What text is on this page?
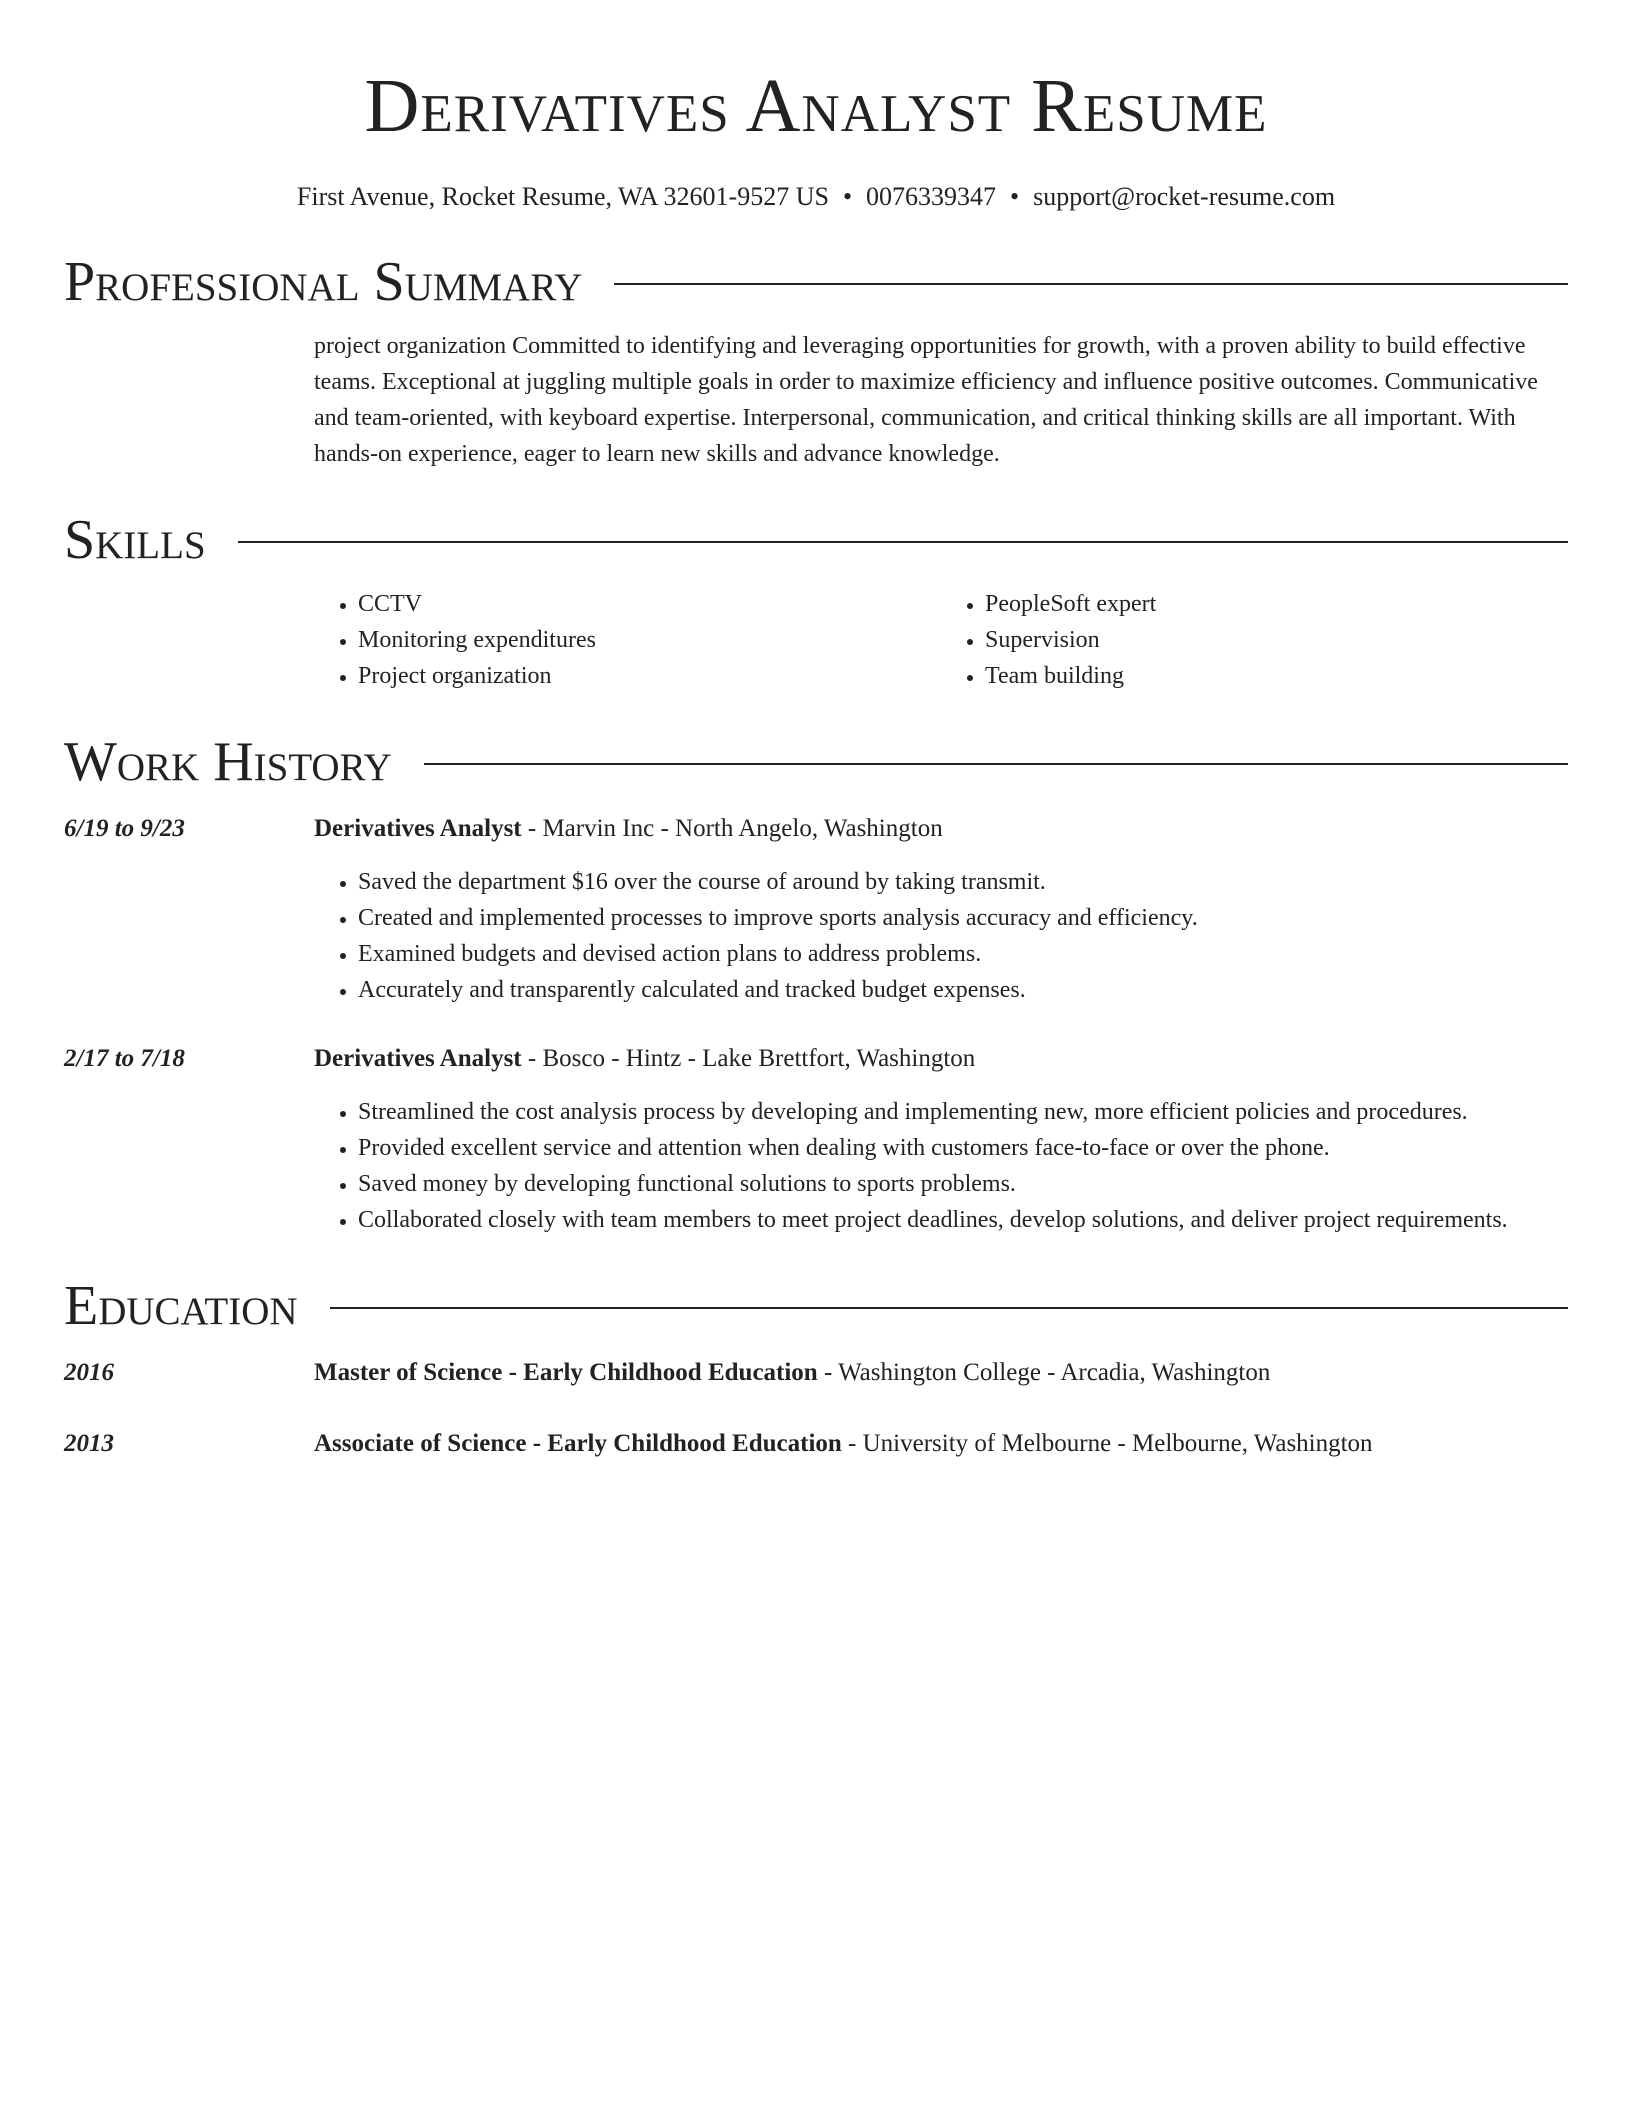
Derivatives Analyst Resume
First Avenue, Rocket Resume, WA 32601-9527 US • 0076339347 • support@rocket-resume.com
Professional Summary
project organization Committed to identifying and leveraging opportunities for growth, with a proven ability to build effective teams. Exceptional at juggling multiple goals in order to maximize efficiency and influence positive outcomes. Communicative and team-oriented, with keyboard expertise. Interpersonal, communication, and critical thinking skills are all important. With hands-on experience, eager to learn new skills and advance knowledge.
Skills
• CCTV
• Monitoring expenditures
• Project organization
• PeopleSoft expert
• Supervision
• Team building
Work History
6/19 to 9/23	Derivatives Analyst - Marvin Inc - North Angelo, Washington
• Saved the department $16 over the course of around by taking transmit.
• Created and implemented processes to improve sports analysis accuracy and efficiency.
• Examined budgets and devised action plans to address problems.
• Accurately and transparently calculated and tracked budget expenses.
2/17 to 7/18	Derivatives Analyst - Bosco - Hintz - Lake Brettfort, Washington
• Streamlined the cost analysis process by developing and implementing new, more efficient policies and procedures.
• Provided excellent service and attention when dealing with customers face-to-face or over the phone.
• Saved money by developing functional solutions to sports problems.
• Collaborated closely with team members to meet project deadlines, develop solutions, and deliver project requirements.
Education
2016	Master of Science - Early Childhood Education - Washington College - Arcadia, Washington
2013	Associate of Science - Early Childhood Education - University of Melbourne - Melbourne, Washington
